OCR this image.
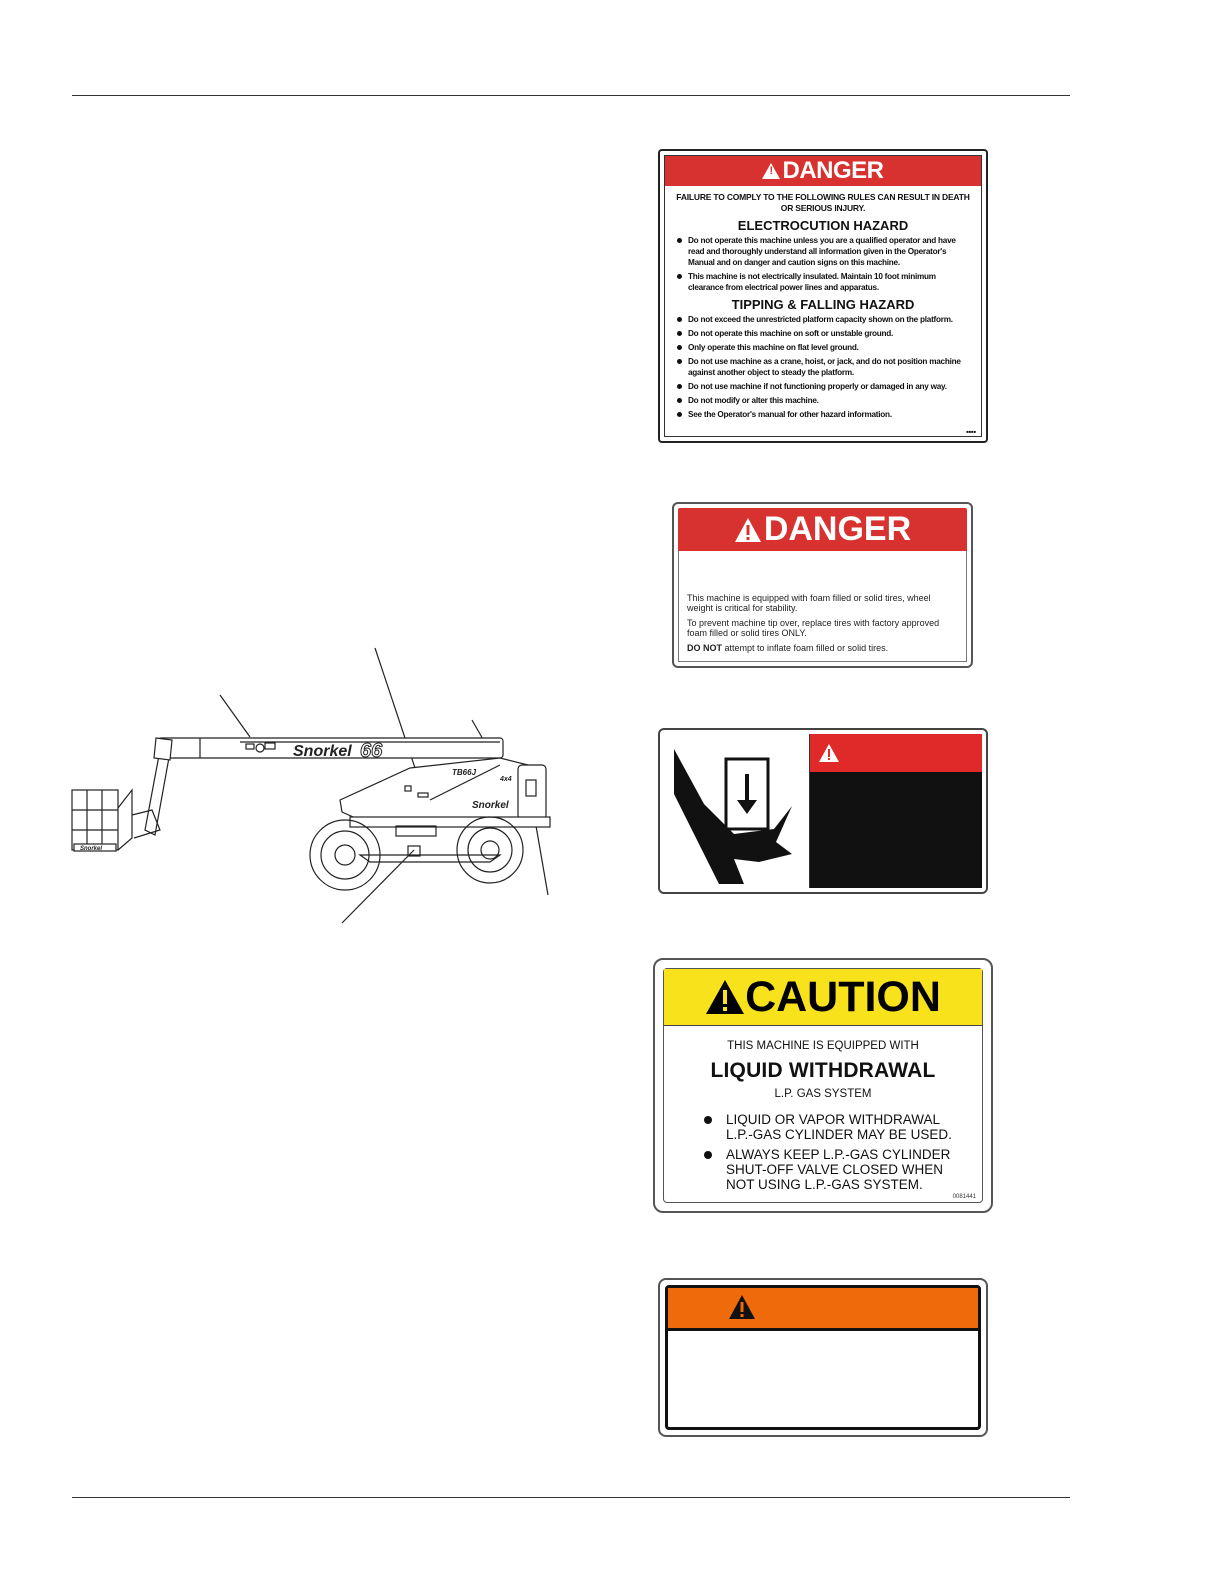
Snorkel 66
TB66J
4x4
Snorkel
Snorkel
!
DANGER
FAILURE TO COMPLY TO THE FOLLOWING RULES CAN RESULT IN DEATH OR SERIOUS INJURY.
ELECTROCUTION HAZARD
Do not operate this machine unless you are a qualified operator and have read and thoroughly understand all information given in the Operator's Manual and on danger and caution signs on this machine.
This machine is not electrically insulated. Maintain 10 foot minimum clearance from electrical power lines and apparatus.
TIPPING & FALLING HAZARD
Do not exceed the unrestricted platform capacity shown on the platform.
Do not operate this machine on soft or unstable ground.
Only operate this machine on flat level ground.
Do not use machine as a crane, hoist, or jack, and do not position machine against another object to steady the platform.
Do not use machine if not functioning properly or damaged in any way.
Do not modify or alter this machine.
See the Operator's manual for other hazard information.
■■■■
DANGER

This machine is equipped with foam filled or solid tires, wheel weight is critical for stability.

To prevent machine tip over, replace tires with factory approved foam filled or solid tires ONLY.

DO NOT attempt to inflate foam filled or solid tires.

CAUTION
THIS MACHINE IS EQUIPPED WITH
LIQUID WITHDRAWAL
L.P. GAS SYSTEM
LIQUID OR VAPOR WITHDRAWAL
L.P.-GAS CYLINDER MAY BE USED.
ALWAYS KEEP L.P.-GAS CYLINDER
SHUT-OFF VALVE CLOSED WHEN
NOT USING L.P.-GAS SYSTEM.
0081441
